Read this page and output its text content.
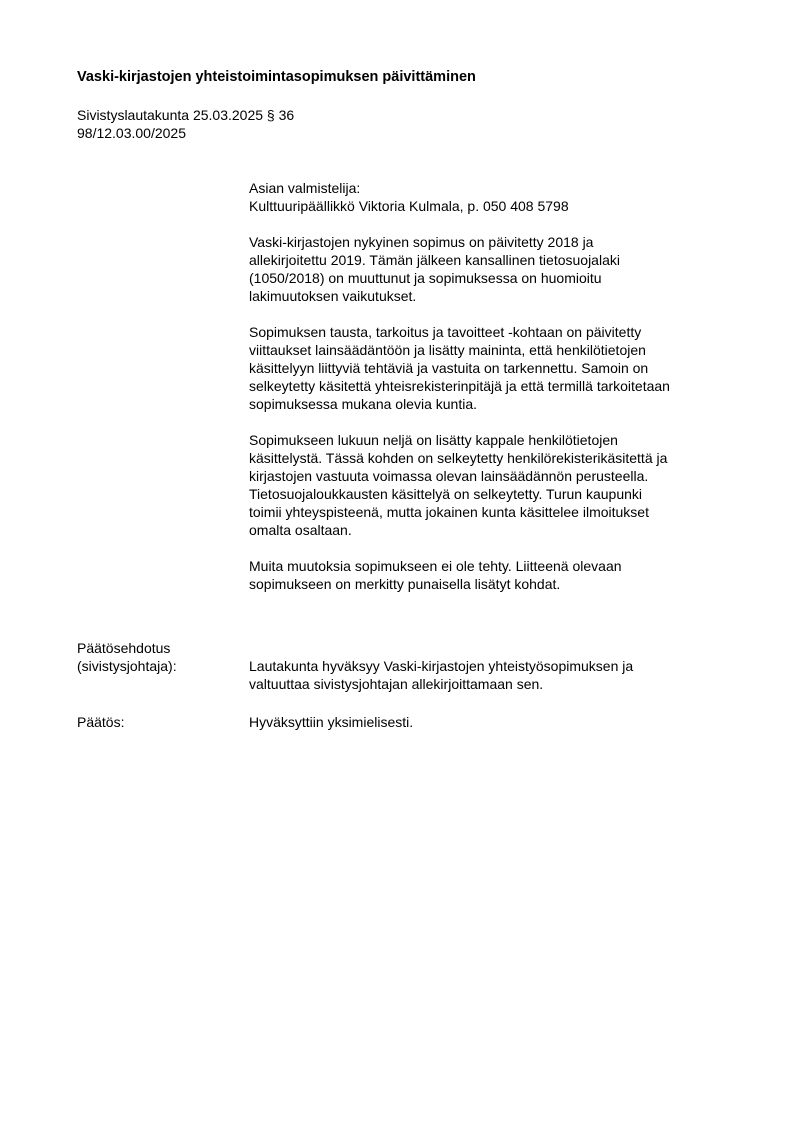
Vaski-kirjastojen yhteistoimintasopimuksen päivittäminen
Sivistyslautakunta 25.03.2025 § 36
98/12.03.00/2025
Asian valmistelija:
Kulttuuripäällikkö Viktoria Kulmala, p. 050 408 5798
Vaski-kirjastojen nykyinen sopimus on päivitetty 2018 ja
allekirjoitettu 2019. Tämän jälkeen kansallinen tietosuojalaki
(1050/2018) on muuttunut ja sopimuksessa on huomioitu
lakimuutoksen vaikutukset.
Sopimuksen tausta, tarkoitus ja tavoitteet -kohtaan on päivitetty
viittaukset lainsäädäntöön ja lisätty maininta, että henkilötietojen
käsittelyyn liittyviä tehtäviä ja vastuita on tarkennettu. Samoin on
selkeytetty käsitettä yhteisrekisterinpitäjä ja että termillä tarkoitetaan
sopimuksessa mukana olevia kuntia.
Sopimukseen lukuun neljä on lisätty kappale henkilötietojen
käsittelystä. Tässä kohden on selkeytetty henkilörekisterikäsitettä ja
kirjastojen vastuuta voimassa olevan lainsäädännön perusteella.
Tietosuojaloukkausten käsittelyä on selkeytetty. Turun kaupunki
toimii yhteyspisteenä, mutta jokainen kunta käsittelee ilmoitukset
omalta osaltaan.
Muita muutoksia sopimukseen ei ole tehty. Liitteenä olevaan
sopimukseen on merkitty punaisella lisätyt kohdat.
Päätösehdotus
(sivistysjohtaja):	Lautakunta hyväksyy Vaski-kirjastojen yhteistyösopimuksen ja
valtuuttaa sivistysjohtajan allekirjoittamaan sen.
Päätös:	Hyväksyttiin yksimielisesti.
